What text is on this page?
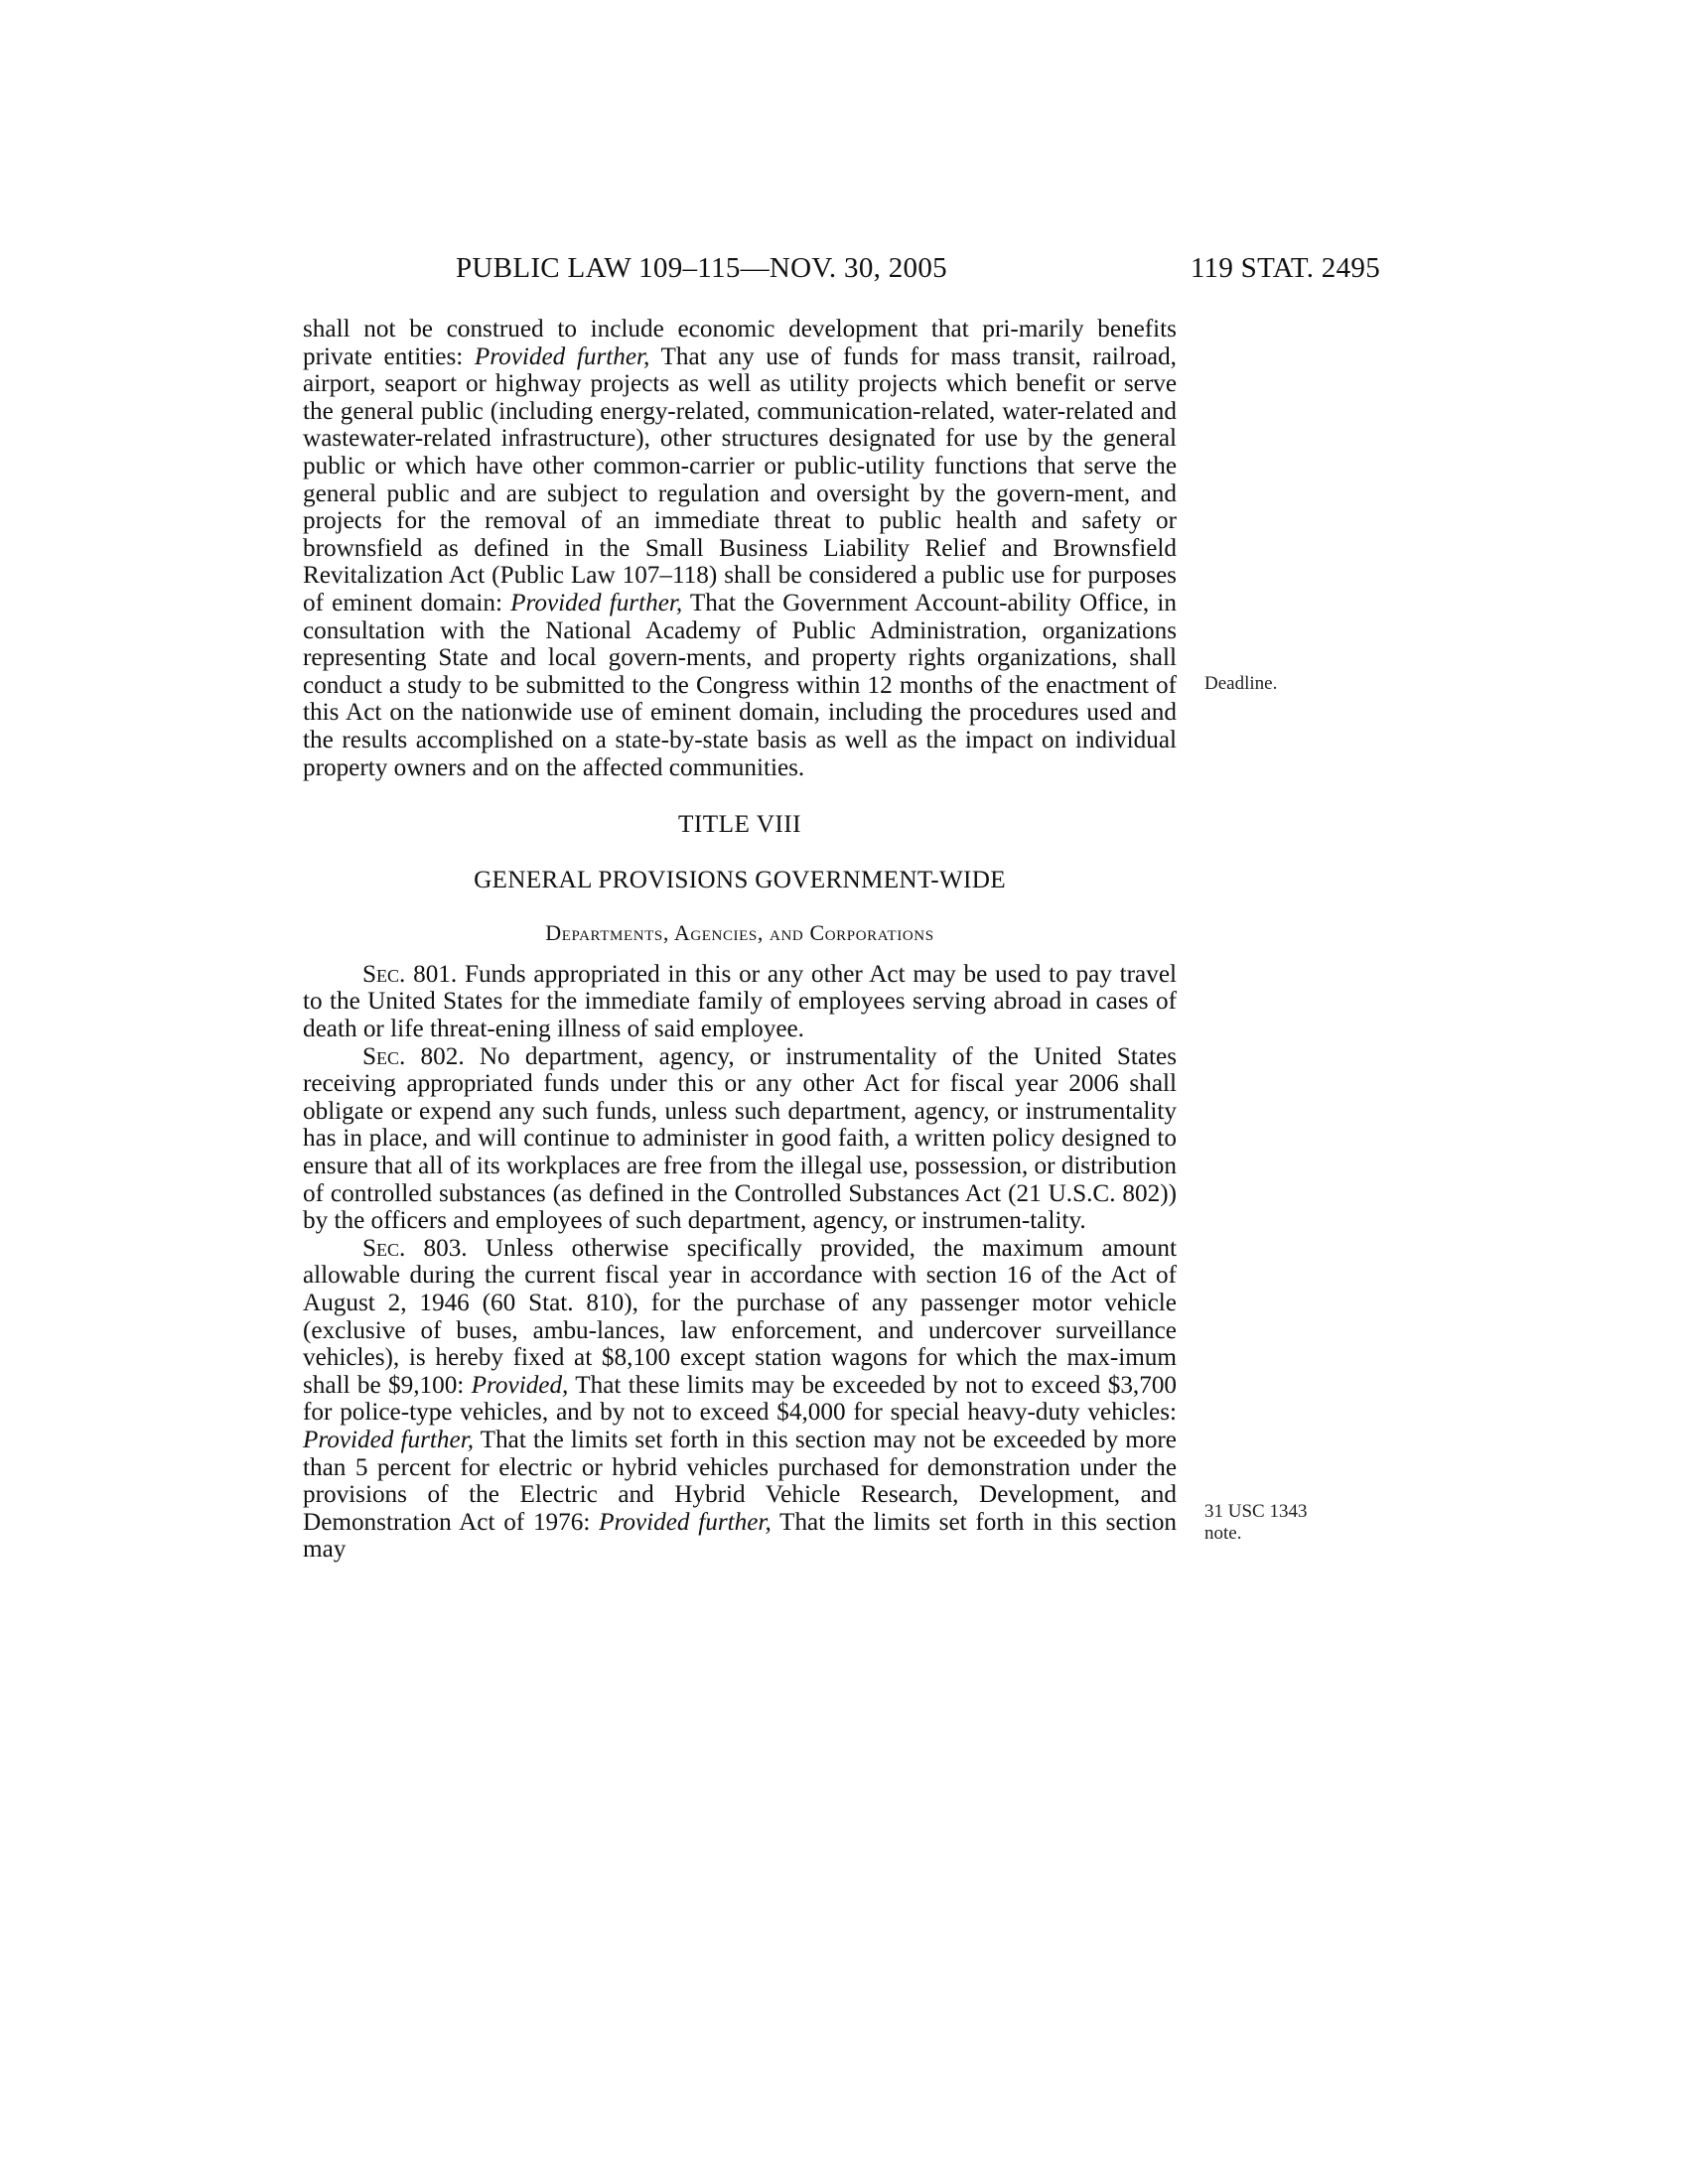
PUBLIC LAW 109–115—NOV. 30, 2005	119 STAT. 2495

shall not be construed to include economic development that pri-marily benefits private entities: Provided further, That any use of funds for mass transit, railroad, airport, seaport or highway projects as well as utility projects which benefit or serve the general public (including energy-related, communication-related, water-related and wastewater-related infrastructure), other structures designated for use by the general public or which have other common-carrier or public-utility functions that serve the general public and are subject to regulation and oversight by the govern-ment, and projects for the removal of an immediate threat to public health and safety or brownsfield as defined in the Small Business Liability Relief and Brownsfield Revitalization Act (Public Law 107–118) shall be considered a public use for purposes of eminent domain: Provided further, That the Government Account-ability Office, in consultation with the National Academy of Public Administration, organizations representing State and local govern-ments, and property rights organizations, shall conduct a study to be submitted to the Congress within 12 months of the enactment of this Act on the nationwide use of eminent domain, including the procedures used and the results accomplished on a state-by-state basis as well as the impact on individual property owners and on the affected communities.

TITLE VIII
GENERAL PROVISIONS GOVERNMENT-WIDE
Departments, Agencies, and Corporations

Sec. 801. Funds appropriated in this or any other Act may be used to pay travel to the United States for the immediate family of employees serving abroad in cases of death or life threat-ening illness of said employee.

Sec. 802. No department, agency, or instrumentality of the United States receiving appropriated funds under this or any other Act for fiscal year 2006 shall obligate or expend any such funds, unless such department, agency, or instrumentality has in place, and will continue to administer in good faith, a written policy designed to ensure that all of its workplaces are free from the illegal use, possession, or distribution of controlled substances (as defined in the Controlled Substances Act (21 U.S.C. 802)) by the officers and employees of such department, agency, or instrumen-tality.

Sec. 803. Unless otherwise specifically provided, the maximum amount allowable during the current fiscal year in accordance with section 16 of the Act of August 2, 1946 (60 Stat. 810), for the purchase of any passenger motor vehicle (exclusive of buses, ambu-lances, law enforcement, and undercover surveillance vehicles), is hereby fixed at $8,100 except station wagons for which the max-imum shall be $9,100: Provided, That these limits may be exceeded by not to exceed $3,700 for police-type vehicles, and by not to exceed $4,000 for special heavy-duty vehicles: Provided further, That the limits set forth in this section may not be exceeded by more than 5 percent for electric or hybrid vehicles purchased for demonstration under the provisions of the Electric and Hybrid Vehicle Research, Development, and Demonstration Act of 1976: Provided further, That the limits set forth in this section may

Deadline.
31 USC 1343
note.
